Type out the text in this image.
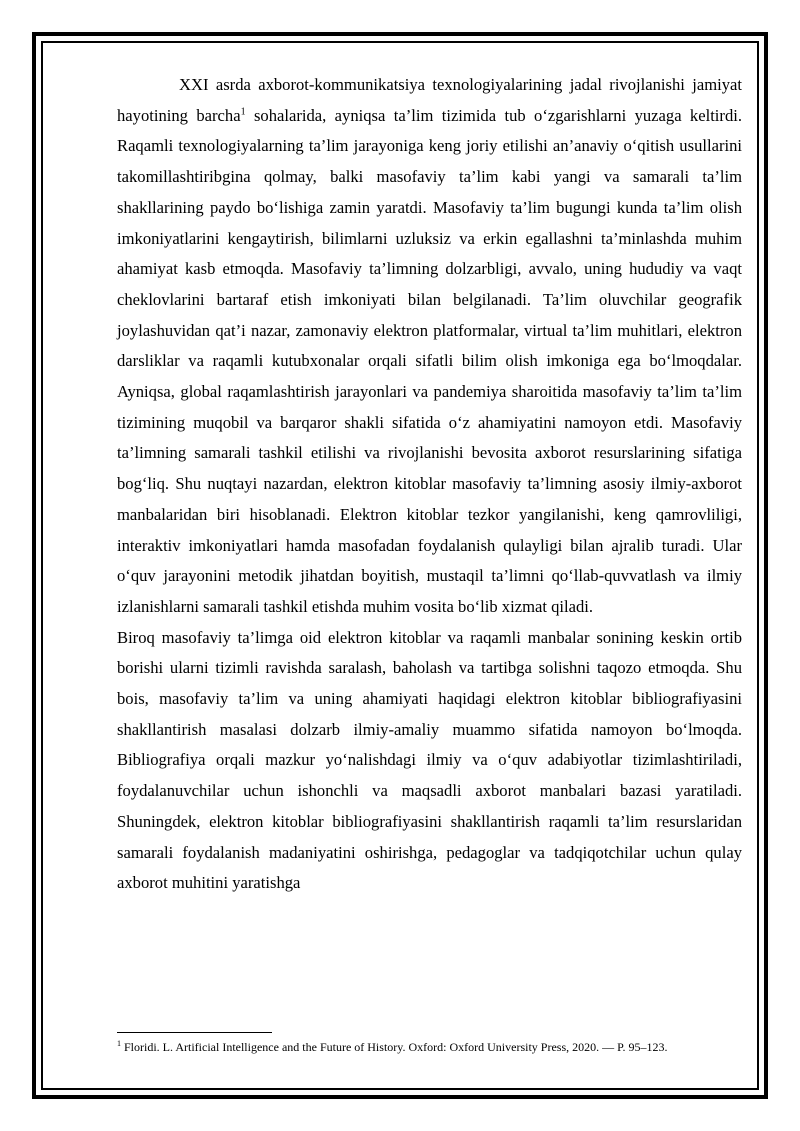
XXI asrda axborot-kommunikatsiya texnologiyalarining jadal rivojlanishi jamiyat hayotining barcha$^1$ sohalarida, ayniqsa ta’lim tizimida tub o‘zgarishlarni yuzaga keltirdi. Raqamli texnologiyalarning ta’lim jarayoniga keng joriy etilishi an’anaviy o‘qitish usullarini takomillashtiribgina qolmay, balki masofaviy ta’lim kabi yangi va samarali ta’lim shakllarining paydo bo‘lishiga zamin yaratdi. Masofaviy ta’lim bugungi kunda ta’lim olish imkoniyatlarini kengaytirish, bilimlarni uzluksiz va erkin egallashni ta’minlashda muhim ahamiyat kasb etmoqda. Masofaviy ta’limning dolzarbligi, avvalo, uning hududiy va vaqt cheklovlarini bartaraf etish imkoniyati bilan belgilanadi. Ta’lim oluvchilar geografik joylashuvidan qat’i nazar, zamonaviy elektron platformalar, virtual ta’lim muhitlari, elektron darsliklar va raqamli kutubxonalar orqali sifatli bilim olish imkoniga ega bo‘lmoqdalar. Ayniqsa, global raqamlashtirish jarayonlari va pandemiya sharoitida masofaviy ta’lim ta’lim tizimining muqobil va barqaror shakli sifatida o‘z ahamiyatini namoyon etdi. Masofaviy ta’limning samarali tashkil etilishi va rivojlanishi bevosita axborot resurslarining sifatiga bog‘liq. Shu nuqtayi nazardan, elektron kitoblar masofaviy ta’limning asosiy ilmiy-axborot manbalaridan biri hisoblanadi. Elektron kitoblar tezkor yangilanishi, keng qamrovliligi, interaktiv imkoniyatlari hamda masofadan foydalanish qulayligi bilan ajralib turadi. Ular o‘quv jarayonini metodik jihatdan boyitish, mustaqil ta’limni qo‘llab-quvvatlash va ilmiy izlanishlarni samarali tashkil etishda muhim vosita bo‘lib xizmat qiladi.

Biroq masofaviy ta’limga oid elektron kitoblar va raqamli manbalar sonining keskin ortib borishi ularni tizimli ravishda saralash, baholash va tartibga solishni taqozo etmoqda. Shu bois, masofaviy ta’lim va uning ahamiyati haqidagi elektron kitoblar bibliografiyasini shakllantirish masalasi dolzarb ilmiy-amaliy muammo sifatida namoyon bo‘lmoqda. Bibliografiya orqali mazkur yo‘nalishdagi ilmiy va o‘quv adabiyotlar tizimlashtiriladi, foydalanuvchilar uchun ishonchli va maqsadli axborot manbalari bazasi yaratiladi. Shuningdek, elektron kitoblar bibliografiyasini shakllantirish raqamli ta’lim resurslaridan samarali foydalanish madaniyatini oshirishga, pedagoglar va tadqiqotchilar uchun qulay axborot muhitini yaratishga

$^1$ Floridi. L. Artificial Intelligence and the Future of History. Oxford: Oxford University Press, 2020. — P. 95–123.
